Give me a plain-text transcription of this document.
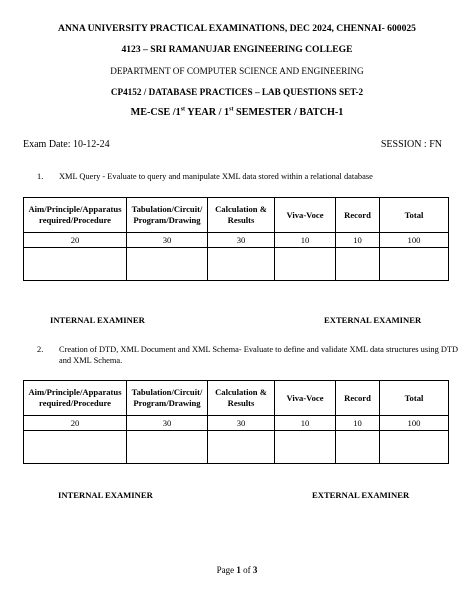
ANNA UNIVERSITY PRACTICAL EXAMINATIONS, DEC 2024, CHENNAI- 600025
4123 – SRI RAMANUJAR ENGINEERING COLLEGE
DEPARTMENT OF COMPUTER SCIENCE AND ENGINEERING
CP4152 / DATABASE PRACTICES – LAB QUESTIONS SET-2
ME-CSE /1st YEAR / 1st SEMESTER / BATCH-1
Exam Date: 10-12-24	SESSION : FN
1. XML Query - Evaluate to query and manipulate XML data stored within a relational database
Aim/Principle/Apparatus required/Procedure	Tabulation/Circuit/ Program/Drawing	Calculation & Results	Viva-Voce	Record	Total
20	30	30	10	10	100

INTERNAL EXAMINER	EXTERNAL EXAMINER
2. Creation of DTD, XML Document and XML Schema- Evaluate to define and validate XML data structures using DTD and XML Schema.
Aim/Principle/Apparatus required/Procedure	Tabulation/Circuit/ Program/Drawing	Calculation & Results	Viva-Voce	Record	Total
20	30	30	10	10	100

INTERNAL EXAMINER	EXTERNAL EXAMINER
Page 1 of 3
